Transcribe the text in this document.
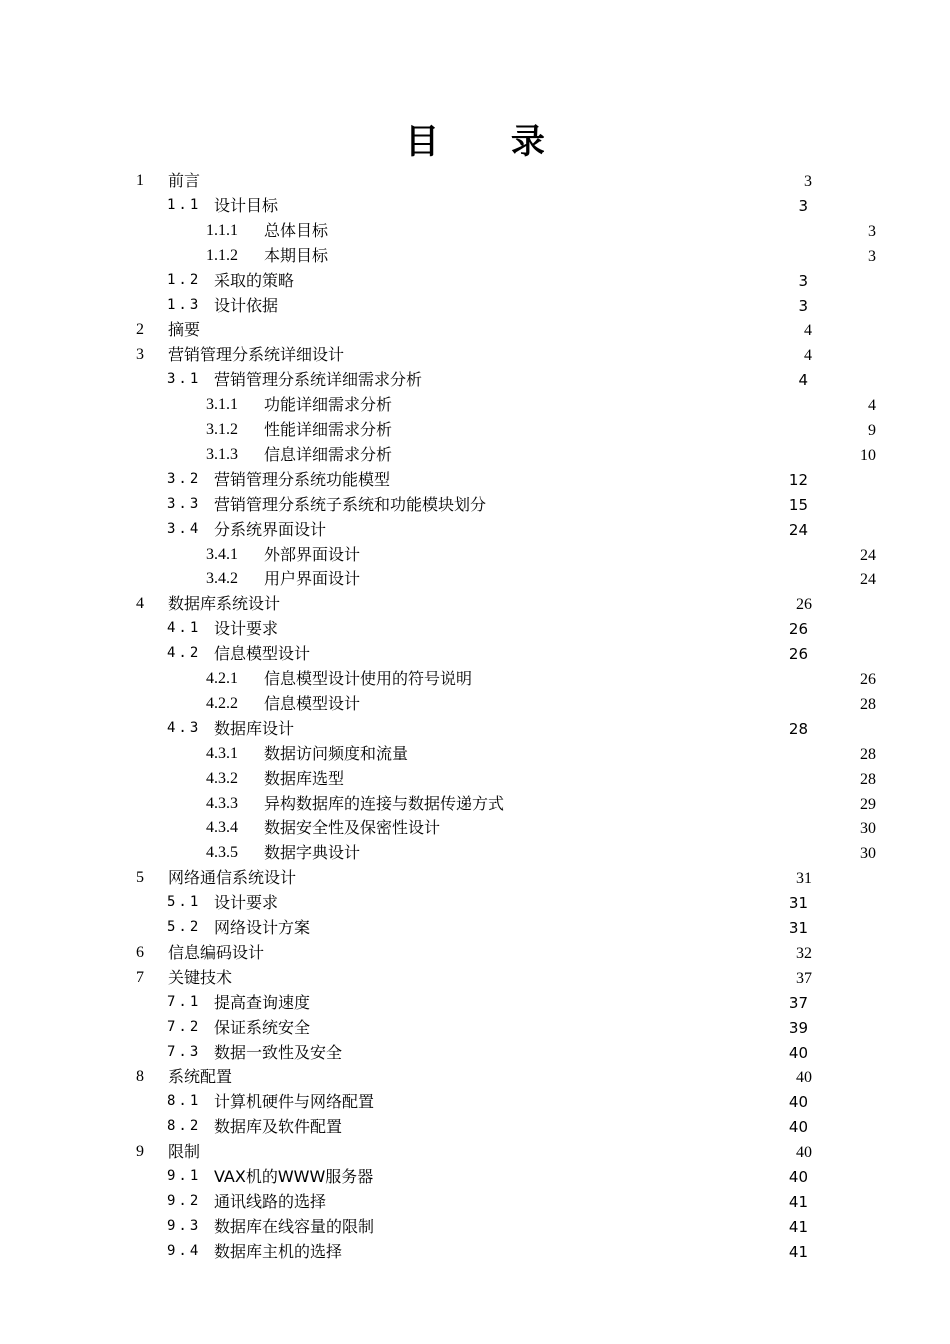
目 录
1 前言	3
1.1 设计目标	3
1.1.1 总体目标	3
1.1.2 本期目标	3
1.2 采取的策略	3
1.3 设计依据	3
2 摘要	4
3 营销管理分系统详细设计	4
3.1 营销管理分系统详细需求分析	4
3.1.1 功能详细需求分析	4
3.1.2 性能详细需求分析	9
3.1.3 信息详细需求分析	10
3.2 营销管理分系统功能模型	12
3.3 营销管理分系统子系统和功能模块划分	15
3.4 分系统界面设计	24
3.4.1 外部界面设计	24
3.4.2 用户界面设计	24
4 数据库系统设计	26
4.1 设计要求	26
4.2 信息模型设计	26
4.2.1 信息模型设计使用的符号说明	26
4.2.2 信息模型设计	28
4.3 数据库设计	28
4.3.1 数据访问频度和流量	28
4.3.2 数据库选型	28
4.3.3 异构数据库的连接与数据传递方式	29
4.3.4 数据安全性及保密性设计	30
4.3.5 数据字典设计	30
5 网络通信系统设计	31
5.1 设计要求	31
5.2 网络设计方案	31
6 信息编码设计	32
7 关键技术	37
7.1 提高查询速度	37
7.2 保证系统安全	39
7.3 数据一致性及安全	40
8 系统配置	40
8.1 计算机硬件与网络配置	40
8.2 数据库及软件配置	40
9 限制	40
9.1 VAX机的WWW服务器	40
9.2 通讯线路的选择	41
9.3 数据库在线容量的限制	41
9.4 数据库主机的选择	41
